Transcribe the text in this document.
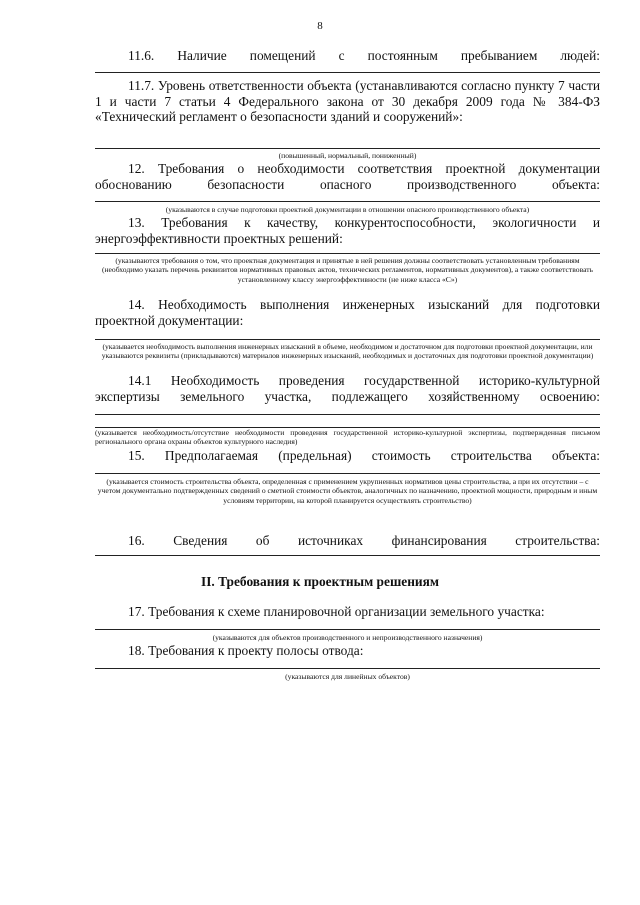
8

11.6. Наличие помещений с постоянным пребыванием людей:

11.7. Уровень ответственности объекта (устанавливаются согласно пункту 7 части 1 и части 7 статьи 4 Федерального закона от 30 декабря 2009 года № 384-ФЗ «Технический регламент о безопасности зданий и сооружений»:

(повышенный, нормальный, пониженный)

12. Требования о необходимости соответствия проектной документации обоснованию безопасности опасного производственного объекта:

(указываются в случае подготовки проектной документации в отношении опасного производственного объекта)

13. Требования к качеству, конкурентоспособности, экологичности и энергоэффективности проектных решений:

(указываются требования о том, что проектная документация и принятые в ней решения должны соответствовать установленным требованиям (необходимо указать перечень реквизитов нормативных правовых актов, технических регламентов, нормативных документов), а также соответствовать установленному классу энергоэффективности (не ниже класса «С»)

14. Необходимость выполнения инженерных изысканий для подготовки проектной документации:

(указывается необходимость выполнения инженерных изысканий в объеме, необходимом и достаточном для подготовки проектной документации, или указываются реквизиты (прикладываются) материалов инженерных изысканий, необходимых и достаточных для подготовки проектной документации)

14.1 Необходимость проведения государственной историко-культурной экспертизы земельного участка, подлежащего хозяйственному освоению:

(указывается необходимость/отсутствие необходимости проведения государственной историко-культурной экспертизы, подтвержденная письмом регионального органа охраны объектов культурного наследия)

15. Предполагаемая (предельная) стоимость строительства объекта:

(указывается стоимость строительства объекта, определенная с применением укрупненных нормативов цены строительства, а при их отсутствии – с учетом документально подтвержденных сведений о сметной стоимости объектов, аналогичных по назначению, проектной мощности, природным и иным условиям территории, на которой планируется осуществлять строительство)

16. Сведения об источниках финансирования строительства:

II. Требования к проектным решениям

17. Требования к схеме планировочной организации земельного участка:

(указываются для объектов производственного и непроизводственного назначения)

18. Требования к проекту полосы отвода:

(указываются для линейных объектов)
